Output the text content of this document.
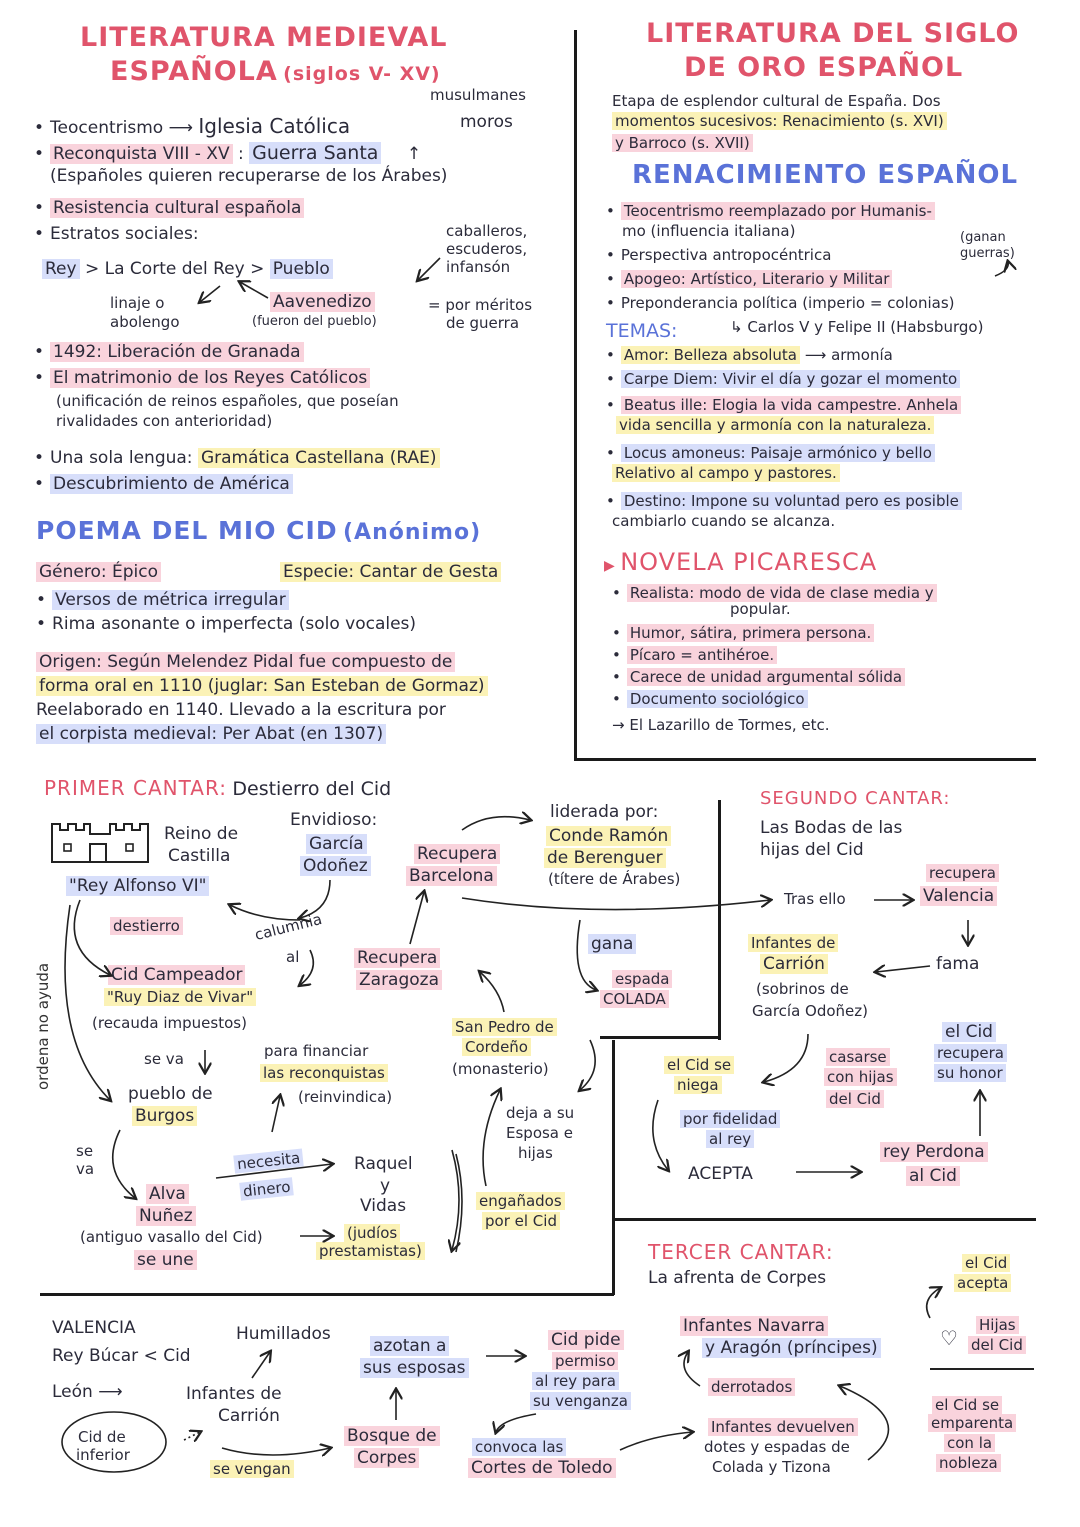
LITERATURA MEDIEVAL
ESPAÑOLA (siglos V- XV)
musulmanes
• Teocentrismo ⟶ Iglesia Católica	moros
• Reconquista VIII - XV : Guerra Santa ↑
(Españoles quieren recuperarse de los Árabes)
• Resistencia cultural española
• Estratos sociales:	caballeros,
escuderos,
infansón
Rey > La Corte del Rey > Pueblo
linaje o
abolengo
Aavenedizo
(fueron del pueblo)
= por méritos
de guerra
• 1492: Liberación de Granada
• El matrimonio de los Reyes Católicos
(unificación de reinos españoles, que poseían
rivalidades con anterioridad)
• Una sola lengua: Gramática Castellana (RAE)
• Descubrimiento de América
POEMA DEL MIO CID (Anónimo)
Género: Épico	Especie: Cantar de Gesta
• Versos de métrica irregular
• Rima asonante o imperfecta (solo vocales)
Origen: Según Melendez Pidal fue compuesto de
forma oral en 1110 (juglar: San Esteban de Gormaz)
Reelaborado en 1140. Llevado a la escritura por
el corpista medieval: Per Abat (en 1307)
LITERATURA DEL SIGLO
DE ORO ESPAÑOL
Etapa de esplendor cultural de España. Dos
momentos sucesivos: Renacimiento (s. XVI)
y Barroco (s. XVII)
RENACIMIENTO ESPAÑOL
• Teocentrismo reemplazado por Humanis-
mo (influencia italiana)	(ganan
guerras)
• Perspectiva antropocéntrica
• Apogeo: Artístico, Literario y Militar
• Preponderancia política (imperio = colonias)
TEMAS:	↳ Carlos V y Felipe II (Habsburgo)
• Amor: Belleza absoluta ⟶ armonía
• Carpe Diem: Vivir el día y gozar el momento
• Beatus ille: Elogia la vida campestre. Anhela
vida sencilla y armonía con la naturaleza.
• Locus amoneus: Paisaje armónico y bello
Relativo al campo y pastores.
• Destino: Impone su voluntad pero es posible
cambiarlo cuando se alcanza.
▶ NOVELA PICARESCA
• Realista: modo de vida de clase media y
popular.
• Humor, sátira, primera persona.
• Pícaro = antihéroe.
• Carece de unidad argumental sólida
• Documento sociológico
→ El Lazarillo de Tormes, etc.
PRIMER CANTAR: Destierro del Cid
Reino de
Castilla
"Rey Alfonso VI"
Envidioso:
García
Odoñez
destierro	calumnia
al
Cid Campeador
"Ruy Diaz de Vivar"
(recauda impuestos)
ordena no ayuda	se va
pueblo de
Burgos
para financiar
las reconquistas
(reinvindica)
se
va
Alva
Nuñez
(antiguo vasallo del Cid)
se une
necesita
dinero
Raquel
y
Vidas
(judíos
prestamistas)
Recupera
Barcelona
Recupera
Zaragoza
liderada por:
Conde Ramón
de Berenguer
(títere de Árabes)
gana
espada
COLADA
San Pedro de
Cordeño
(monasterio)
deja a su
Esposa e
hijas
engañados
por el Cid
SEGUNDO CANTAR:
Las Bodas de las
hijas del Cid
Tras ello
recupera
Valencia
fama
Infantes de
Carrión
(sobrinos de
García Odoñez)
el Cid se
niega
casarse
con hijas
del Cid
el Cid
recupera
su honor
por fidelidad
al rey
ACEPTA
rey Perdona
al Cid
TERCER CANTAR:
La afrenta de Corpes
VALENCIA
Rey Búcar < Cid
León ⟶
Cid de
inferior
Humillados
Infantes de
Carrión
se vengan
azotan a
sus esposas
Bosque de
Corpes
Cid pide
permiso
al rey para
su venganza
convoca las
Cortes de Toledo
Infantes Navarra
y Aragón (príncipes)
derrotados
Infantes devuelven
dotes y espadas de
Colada y Tizona
el Cid
acepta
♡
Hijas
del Cid
el Cid se
emparenta
con la
nobleza
